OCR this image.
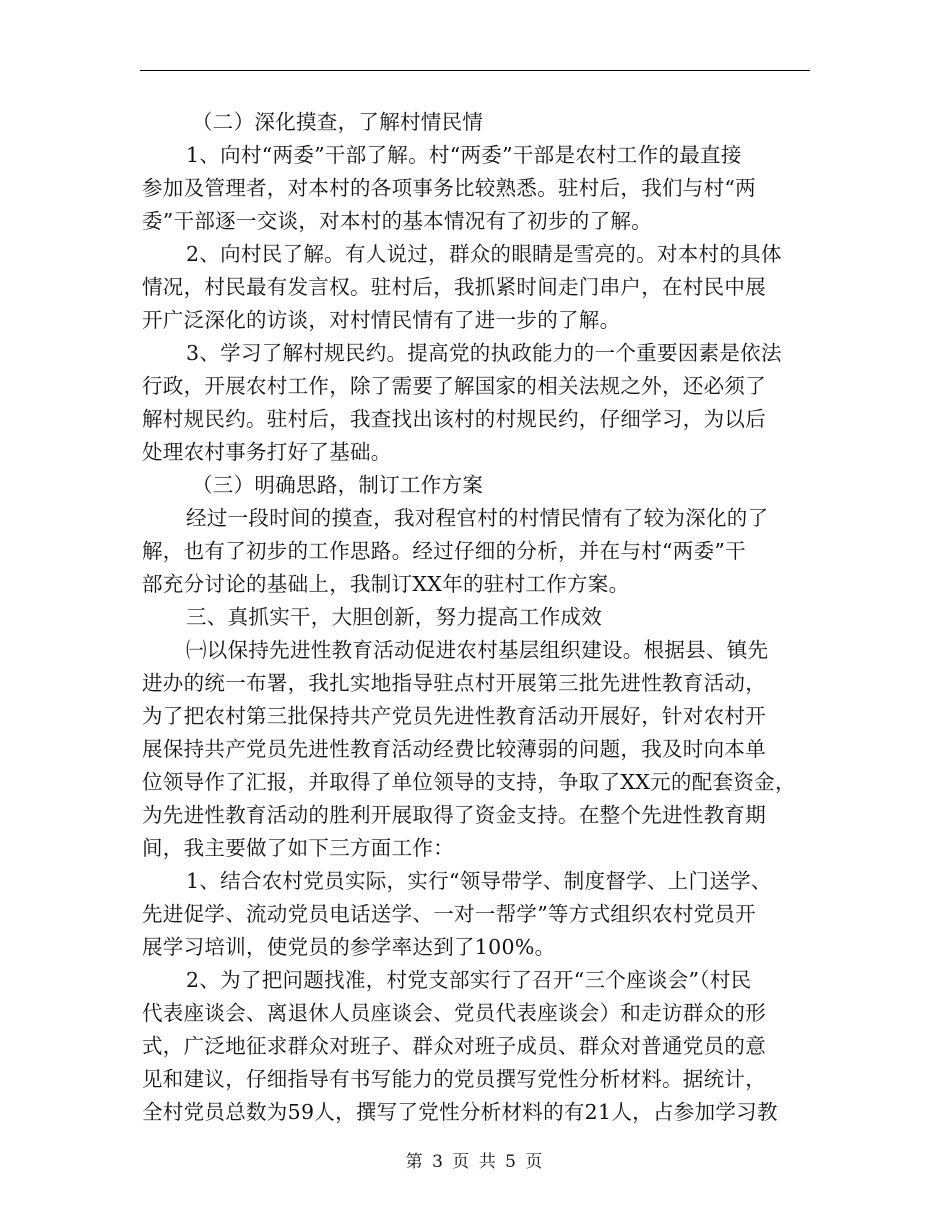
（二）深化摸查，了解村情民情
1、向村“两委”干部了解。村“两委”干部是农村工作的最直接
参加及管理者，对本村的各项事务比较熟悉。驻村后，我们与村“两
委”干部逐一交谈，对本村的基本情况有了初步的了解。
2、向村民了解。有人说过，群众的眼睛是雪亮的。对本村的具体
情况，村民最有发言权。驻村后，我抓紧时间走门串户，在村民中展
开广泛深化的访谈，对村情民情有了进一步的了解。
3、学习了解村规民约。提高党的执政能力的一个重要因素是依法
行政，开展农村工作，除了需要了解国家的相关法规之外，还必须了
解村规民约。驻村后，我查找出该村的村规民约，仔细学习，为以后
处理农村事务打好了基础。
（三）明确思路，制订工作方案
经过一段时间的摸查，我对程官村的村情民情有了较为深化的了
解，也有了初步的工作思路。经过仔细的分析，并在与村“两委”干
部充分讨论的基础上，我制订XX年的驻村工作方案。
三、真抓实干，大胆创新，努力提高工作成效
㈠以保持先进性教育活动促进农村基层组织建设。根据县、镇先
进办的统一布署，我扎实地指导驻点村开展第三批先进性教育活动，
为了把农村第三批保持共产党员先进性教育活动开展好，针对农村开
展保持共产党员先进性教育活动经费比较薄弱的问题，我及时向本单
位领导作了汇报，并取得了单位领导的支持，争取了XX元的配套资金，
为先进性教育活动的胜利开展取得了资金支持。在整个先进性教育期
间，我主要做了如下三方面工作：
1、结合农村党员实际，实行“领导带学、制度督学、上门送学、
先进促学、流动党员电话送学、一对一帮学”等方式组织农村党员开
展学习培训，使党员的参学率达到了100%。
2、为了把问题找准，村党支部实行了召开“三个座谈会”（村民
代表座谈会、离退休人员座谈会、党员代表座谈会）和走访群众的形
式，广泛地征求群众对班子、群众对班子成员、群众对普通党员的意
见和建议，仔细指导有书写能力的党员撰写党性分析材料。据统计，
全村党员总数为59人，撰写了党性分析材料的有21人，占参加学习教
第 3 页 共 5 页
